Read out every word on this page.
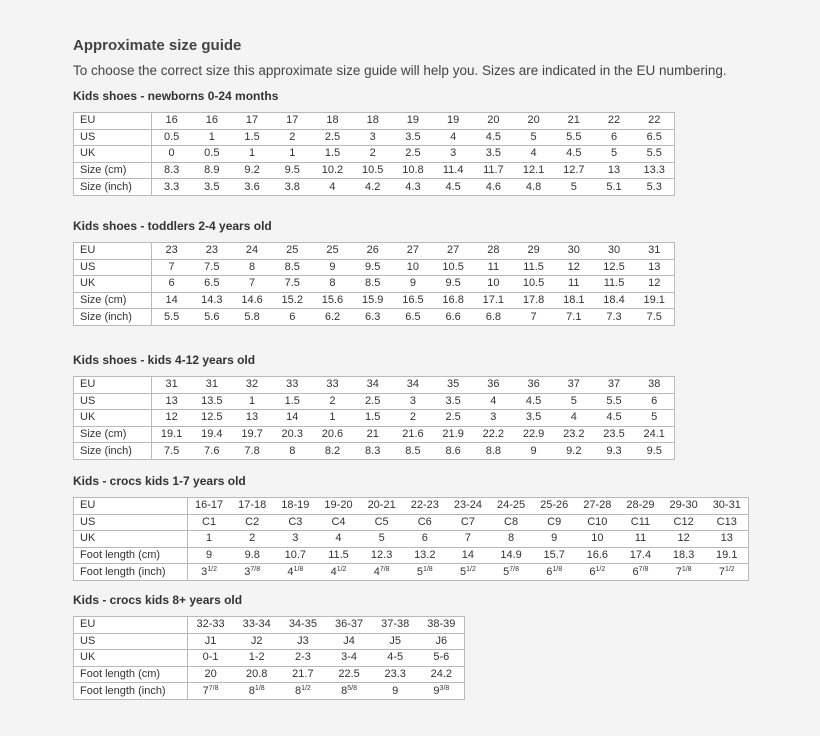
Approximate size guide

To choose the correct size this approximate size guide will help you. Sizes are indicated in the EU numbering.

Kids shoes - newborns 0-24 months
EU	16	16	17	17	18	18	19	19	20	20	21	22	22
US	0.5	1	1.5	2	2.5	3	3.5	4	4.5	5	5.5	6	6.5
UK	0	0.5	1	1	1.5	2	2.5	3	3.5	4	4.5	5	5.5
Size (cm)	8.3	8.9	9.2	9.5	10.2	10.5	10.8	11.4	11.7	12.1	12.7	13	13.3
Size (inch)	3.3	3.5	3.6	3.8	4	4.2	4.3	4.5	4.6	4.8	5	5.1	5.3
Kids shoes - toddlers 2-4 years old
EU	23	23	24	25	25	26	27	27	28	29	30	30	31
US	7	7.5	8	8.5	9	9.5	10	10.5	11	11.5	12	12.5	13
UK	6	6.5	7	7.5	8	8.5	9	9.5	10	10.5	11	11.5	12
Size (cm)	14	14.3	14.6	15.2	15.6	15.9	16.5	16.8	17.1	17.8	18.1	18.4	19.1
Size (inch)	5.5	5.6	5.8	6	6.2	6.3	6.5	6.6	6.8	7	7.1	7.3	7.5
Kids shoes - kids 4-12 years old
EU	31	31	32	33	33	34	34	35	36	36	37	37	38
US	13	13.5	1	1.5	2	2.5	3	3.5	4	4.5	5	5.5	6
UK	12	12.5	13	14	1	1.5	2	2.5	3	3.5	4	4.5	5
Size (cm)	19.1	19.4	19.7	20.3	20.6	21	21.6	21.9	22.2	22.9	23.2	23.5	24.1
Size (inch)	7.5	7.6	7.8	8	8.2	8.3	8.5	8.6	8.8	9	9.2	9.3	9.5
Kids - crocs kids 1-7 years old
EU	16-17	17-18	18-19	19-20	20-21	22-23	23-24	24-25	25-26	27-28	28-29	29-30	30-31
US	C1	C2	C3	C4	C5	C6	C7	C8	C9	C10	C11	C12	C13
UK	1	2	3	4	5	6	7	8	9	10	11	12	13
Foot length (cm)	9	9.8	10.7	11.5	12.3	13.2	14	14.9	15.7	16.6	17.4	18.3	19.1
Foot length (inch)	$3^{1/2}$	$3^{7/8}$	$4^{1/8}$	$4^{1/2}$	$4^{7/8}$	$5^{1/8}$	$5^{1/2}$	$5^{7/8}$	$6^{1/8}$	$6^{1/2}$	$6^{7/8}$	$7^{1/8}$	$7^{1/2}$
Kids - crocs kids 8+ years old
EU	32-33	33-34	34-35	36-37	37-38	38-39
US	J1	J2	J3	J4	J5	J6
UK	0-1	1-2	2-3	3-4	4-5	5-6
Foot length (cm)	20	20.8	21.7	22.5	23.3	24.2
Foot length (inch)	$7^{7/8}$	$8^{1/8}$	$8^{1/2}$	$8^{5/8}$	9	$9^{3/8}$
